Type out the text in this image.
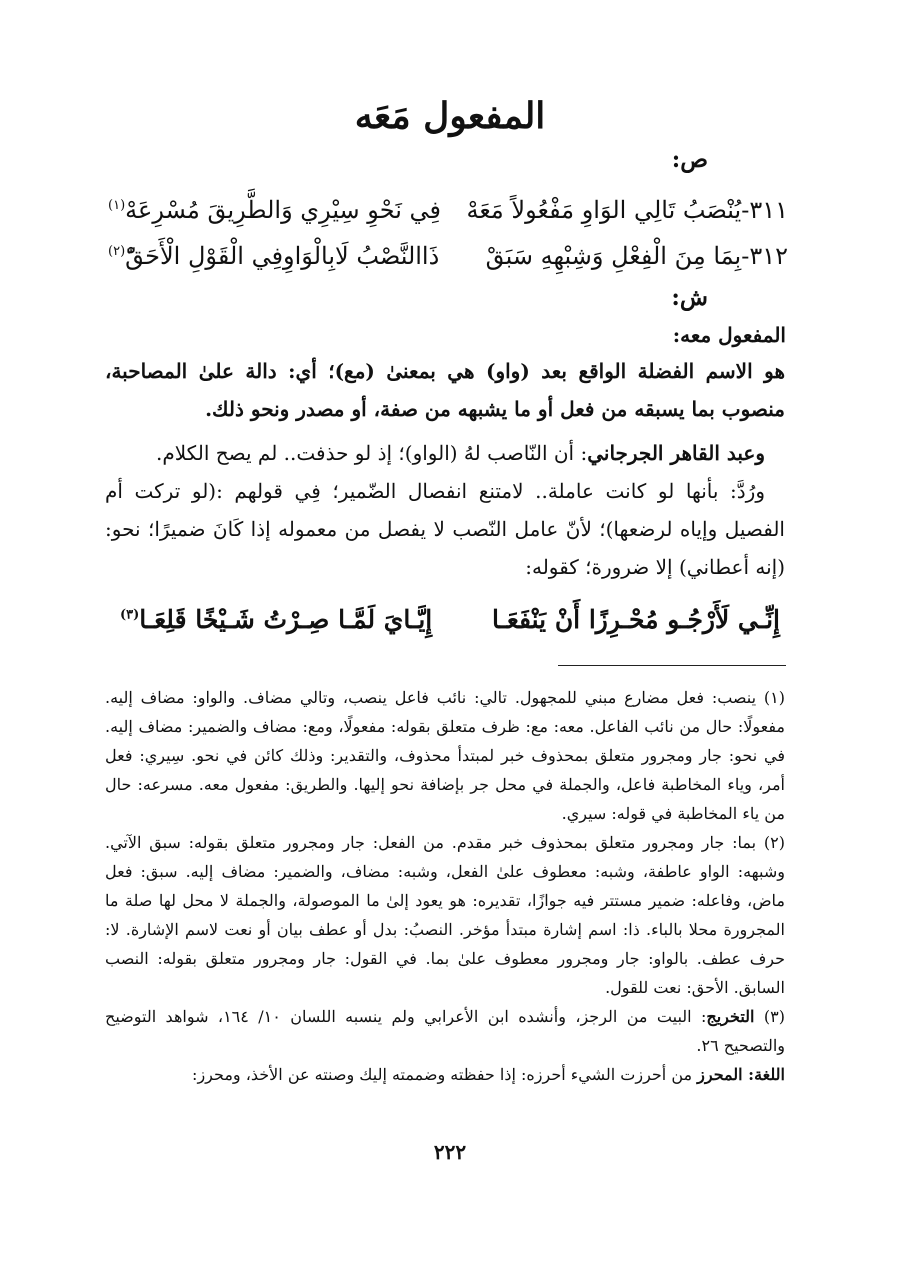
المفعول مَعَه
ص:
٣١١-يُنْصَبُ تَالِي الوَاوِ مَفْعُولاً مَعَهْ
فِي نَحْوِ سِيْرِي وَالطَّرِيقَ مُسْرِعَهْ$^{(١)}$
٣١٢-بِمَا مِنَ الْفِعْلِ وَشِبْهِهِ سَبَقْ
ذَاالنَّصْبُ لَابِالْوَاوِفِي الْقَوْلِ الْأَحَقّْ$^{(٢)}$
ش:
المفعول معه:

هو الاسم الفضلة الواقع بعد (واو) هي بمعنىٰ (مع)؛ أي: دالة علىٰ المصاحبة، منصوب بما يسبقه من فعل أو ما يشبهه من صفة، أو مصدر ونحو ذلك.

وعبد القاهر الجرجاني: أن النّاصب لهُ (الواو)؛ إذ لو حذفت.. لم يصح الكلام.

ورُدَّ: بأنها لو كانت عاملة.. لامتنع انفصال الضّمير؛ فِي قولهم :(لو تركت أم الفصيل وإياه لرضعها)؛ لأنّ عامل النّصب لا يفصل من معموله إذا كَانَ ضميرًا؛ نحو: (إنه أعطاني) إلا ضرورة؛ كقوله:

إِنِّـي لَأَرْجُـو مُحْـرِزًا أَنْ يَنْفَعَـا
إِيَّـايَ لَمَّـا صِـرْتُ شَـيْخًا قَلِعَـا$^{(٣)}$

(١) ينصب: فعل مضارع مبني للمجهول. تالي: نائب فاعل ينصب، وتالي مضاف. والواو: مضاف إليه. مفعولًا: حال من نائب الفاعل. معه: مع: ظرف متعلق بقوله: مفعولًا، ومع: مضاف والضمير: مضاف إليه. في نحو: جار ومجرور متعلق بمحذوف خبر لمبتدأ محذوف، والتقدير: وذلك كائن في نحو. سِيري: فعل أمر، وياء المخاطبة فاعل، والجملة في محل جر بإضافة نحو إليها. والطريق: مفعول معه. مسرعه: حال من ياء المخاطبة في قوله: سيري.

(٢) بما: جار ومجرور متعلق بمحذوف خبر مقدم. من الفعل: جار ومجرور متعلق بقوله: سبق الآتي. وشبهه: الواو عاطفة، وشبه: معطوف علىٰ الفعل، وشبه: مضاف، والضمير: مضاف إليه. سبق: فعل ماض، وفاعله: ضمير مستتر فيه جوازًا، تقديره: هو يعود إلىٰ ما الموصولة، والجملة لا محل لها صلة ما المجرورة محلا بالباء. ذا: اسم إشارة مبتدأ مؤخر. النصبُ: بدل أو عطف بيان أو نعت لاسم الإشارة. لا: حرف عطف. بالواو: جار ومجرور معطوف علىٰ بما. في القول: جار ومجرور متعلق بقوله: النصب السابق. الأحق: نعت للقول.

(٣) التخريج: البيت من الرجز، وأنشده ابن الأعرابي ولم ينسبه اللسان ١٠/ ١٦٤، شواهد التوضيح والتصحيح ٢٦.

اللغة: المحرز من أحرزت الشيء أحرزه: إذا حفظته وضممته إليك وصنته عن الأخذ، ومحرز:

٢٢٢
